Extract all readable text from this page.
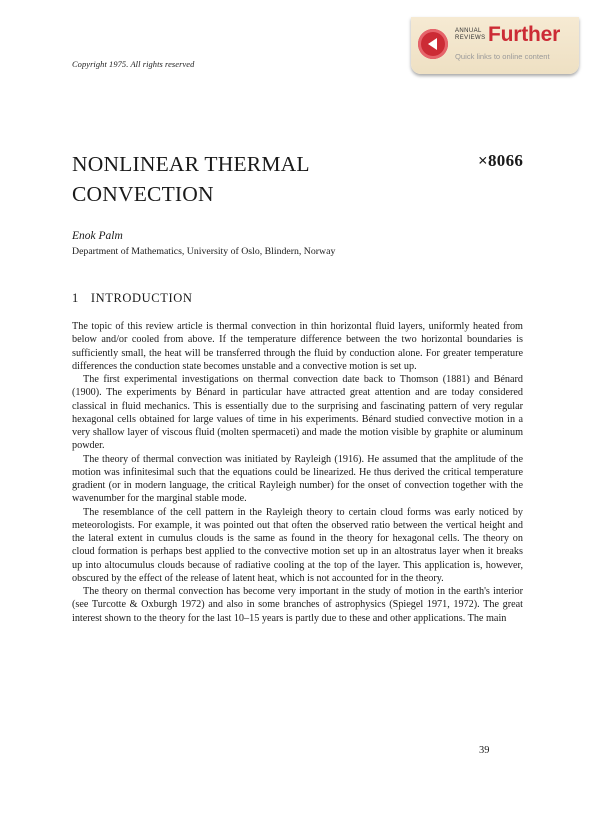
Copyright 1975. All rights reserved
ANNUAL
REVIEWS Further
Quick links to online content
NONLINEAR THERMAL
CONVECTION
×8066
Enok Palm
Department of Mathematics, University of Oslo, Blindern, Norway
1 INTRODUCTION

The topic of this review article is thermal convection in thin horizontal fluid layers, uniformly heated from below and/or cooled from above. If the temperature difference between the two horizontal boundaries is sufficiently small, the heat will be transferred through the fluid by conduction alone. For greater temperature differences the conduction state becomes unstable and a convective motion is set up.

The first experimental investigations on thermal convection date back to Thomson (1881) and Bénard (1900). The experiments by Bénard in particular have attracted great attention and are today considered classical in fluid mechanics. This is essentially due to the surprising and fascinating pattern of very regular hexagonal cells obtained for large values of time in his experiments. Bénard studied convective motion in a very shallow layer of viscous fluid (molten spermaceti) and made the motion visible by graphite or aluminum powder.

The theory of thermal convection was initiated by Rayleigh (1916). He assumed that the amplitude of the motion was infinitesimal such that the equations could be linearized. He thus derived the critical temperature gradient (or in modern language, the critical Rayleigh number) for the onset of convection together with the wavenumber for the marginal stable mode.

The resemblance of the cell pattern in the Rayleigh theory to certain cloud forms was early noticed by meteorologists. For example, it was pointed out that often the observed ratio between the vertical height and the lateral extent in cumulus clouds is the same as found in the theory for hexagonal cells. The theory on cloud formation is perhaps best applied to the convective motion set up in an altostratus layer when it breaks up into altocumulus clouds because of radiative cooling at the top of the layer. This application is, however, obscured by the effect of the release of latent heat, which is not accounted for in the theory.

The theory on thermal convection has become very important in the study of motion in the earth's interior (see Turcotte & Oxburgh 1972) and also in some branches of astrophysics (Spiegel 1971, 1972). The great interest shown to the theory for the last 10–15 years is partly due to these and other applications. The main

39
